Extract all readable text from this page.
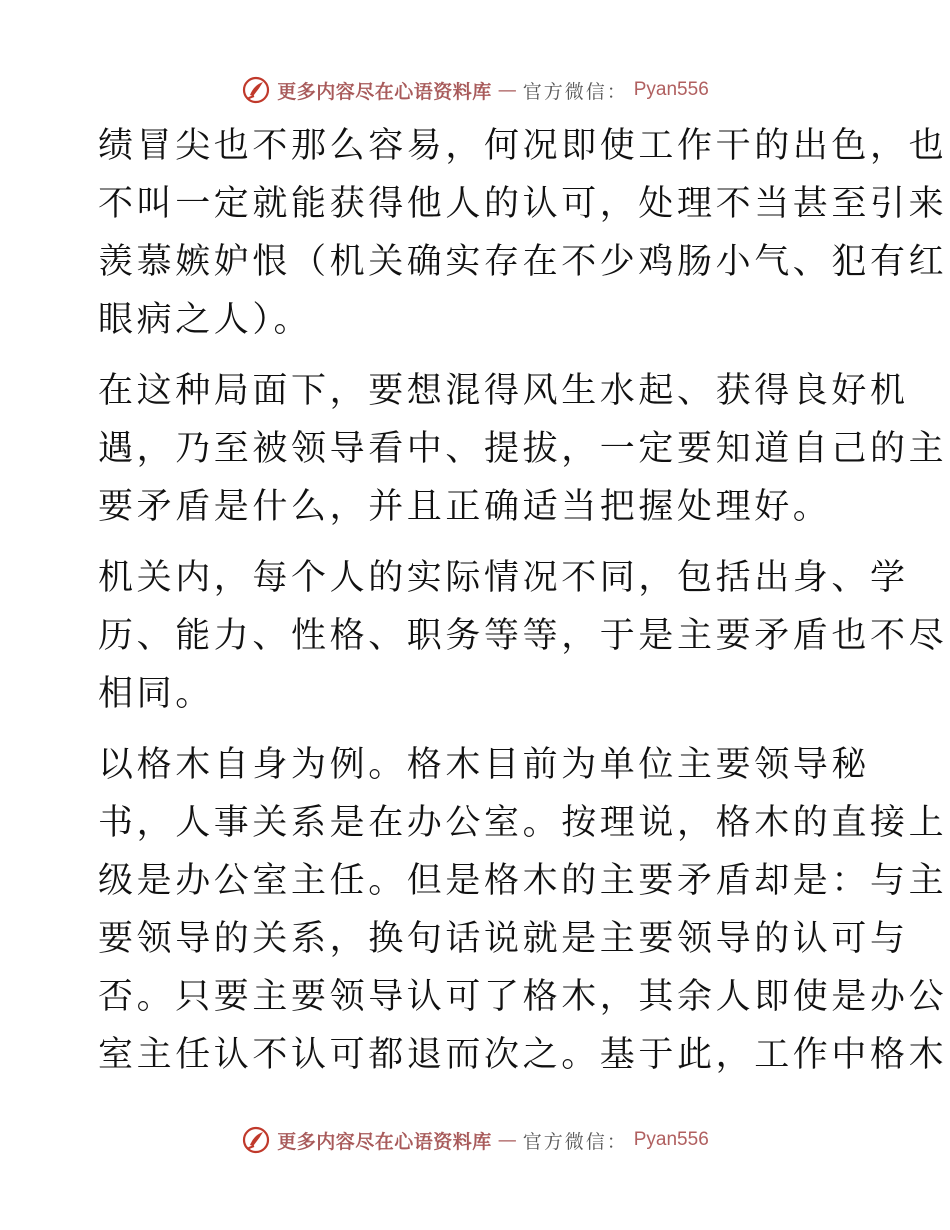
更多内容尽在心语资料库 — 官方微信： Pyan556
绩冒尖也不那么容易，何况即使工作干的出色，也
不叫一定就能获得他人的认可，处理不当甚至引来
羡慕嫉妒恨（机关确实存在不少鸡肠小气、犯有红
眼病之人）。
在这种局面下，要想混得风生水起、获得良好机
遇，乃至被领导看中、提拔，一定要知道自己的主
要矛盾是什么，并且正确适当把握处理好。
机关内，每个人的实际情况不同，包括出身、学
历、能力、性格、职务等等，于是主要矛盾也不尽
相同。
以格木自身为例。格木目前为单位主要领导秘
书，人事关系是在办公室。按理说，格木的直接上
级是办公室主任。但是格木的主要矛盾却是：与主
要领导的关系，换句话说就是主要领导的认可与
否。只要主要领导认可了格木，其余人即使是办公
室主任认不认可都退而次之。基于此，工作中格木
更多内容尽在心语资料库 — 官方微信： Pyan556
